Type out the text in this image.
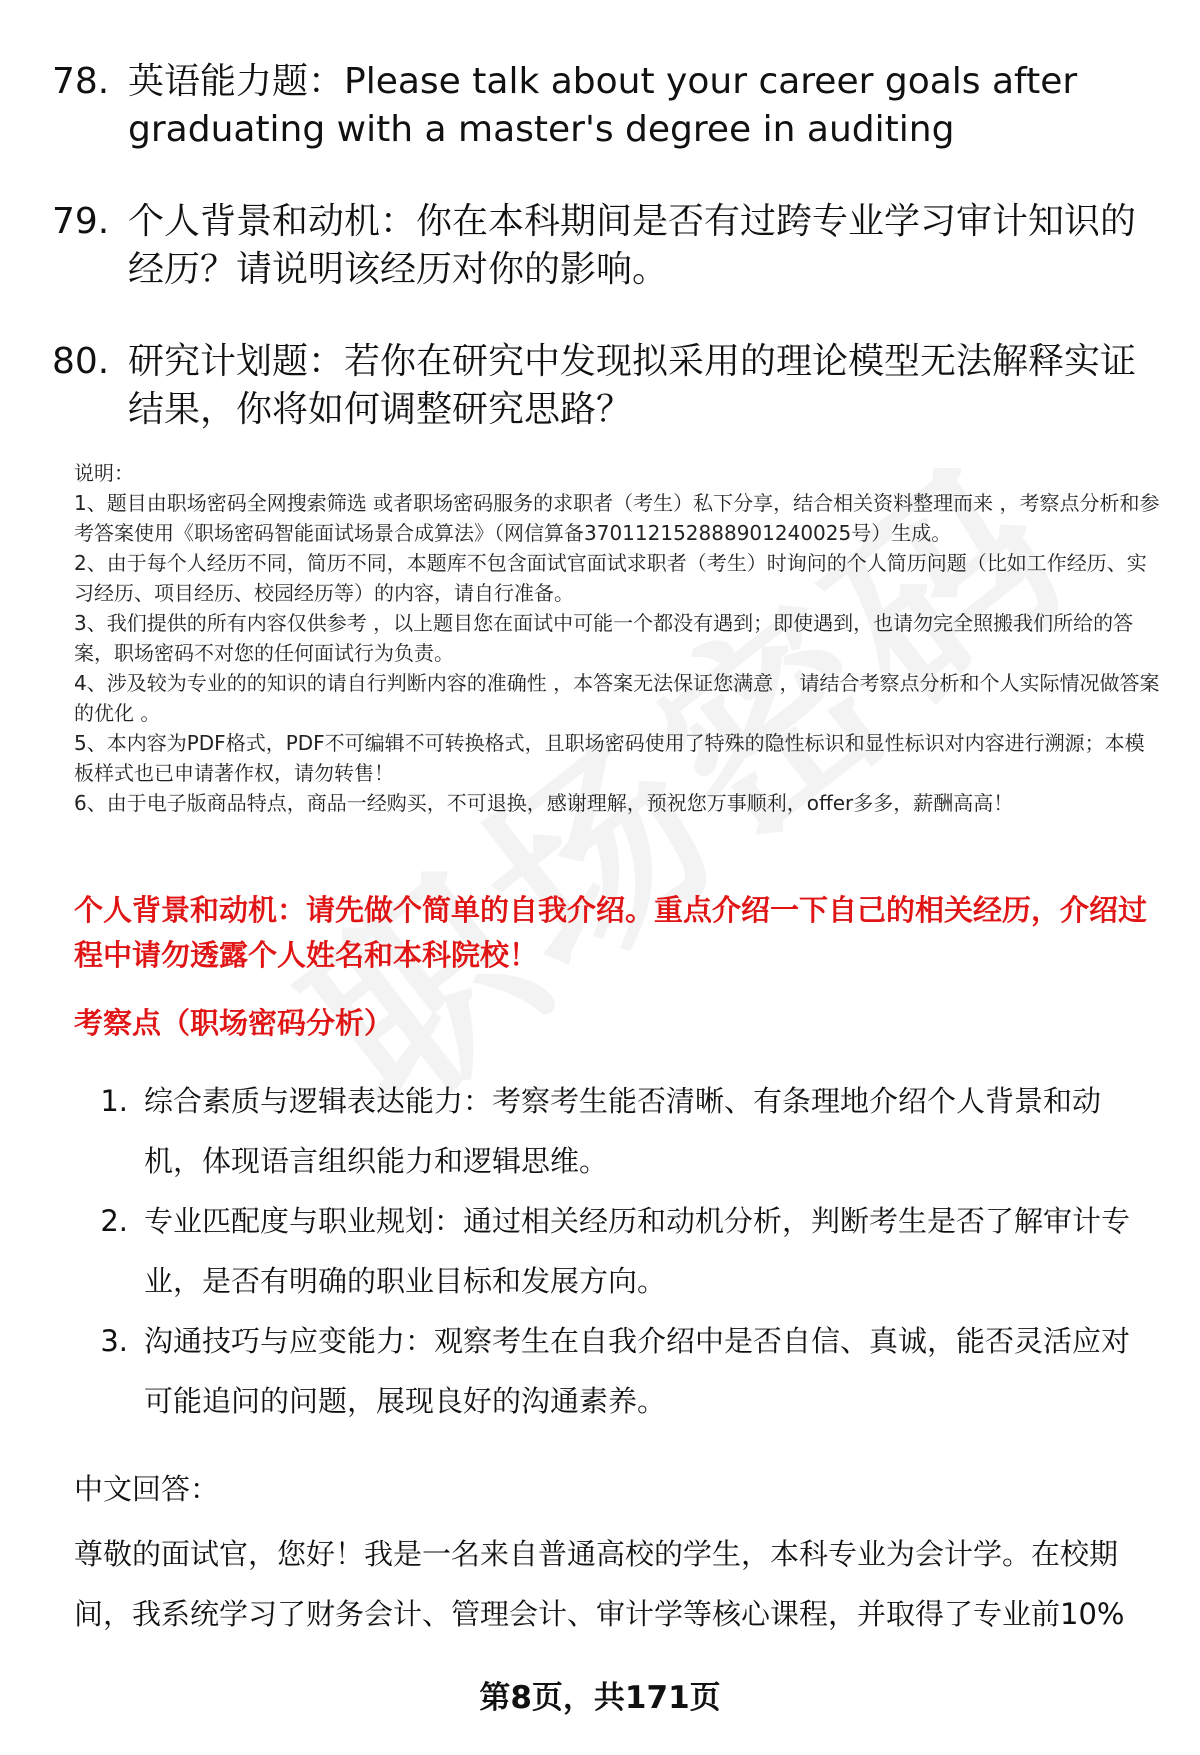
78. 英语能力题：Please talk about your career goals after graduating with a master's degree in auditing
79. 个人背景和动机：你在本科期间是否有过跨专业学习审计知识的经历？请说明该经历对你的影响。
80. 研究计划题：若你在研究中发现拟采用的理论模型无法解释实证结果，你将如何调整研究思路？

说明：

1、题目由职场密码全网搜索筛选 或者职场密码服务的求职者（考生）私下分享，结合相关资料整理而来 ，考察点分析和参考答案使用《职场密码智能面试场景合成算法》（网信算备370112152888901240025号）生成。

2、由于每个人经历不同，简历不同，本题库不包含面试官面试求职者（考生）时询问的个人简历问题（比如工作经历、实习经历、项目经历、校园经历等）的内容，请自行准备。

3、我们提供的所有内容仅供参考 ，以上题目您在面试中可能一个都没有遇到；即使遇到，也请勿完全照搬我们所给的答案，职场密码不对您的任何面试行为负责。

4、涉及较为专业的的知识的请自行判断内容的准确性 ，本答案无法保证您满意 ，请结合考察点分析和个人实际情况做答案的优化 。

5、本内容为PDF格式，PDF不可编辑不可转换格式，且职场密码使用了特殊的隐性标识和显性标识对内容进行溯源；本模板样式也已申请著作权，请勿转售！

6、由于电子版商品特点，商品一经购买，不可退换，感谢理解，预祝您万事顺利，offer多多，薪酬高高！

个人背景和动机：请先做个简单的自我介绍。重点介绍一下自己的相关经历，介绍过程中请勿透露个人姓名和本科院校！
考察点（职场密码分析）
1. 综合素质与逻辑表达能力：考察考生能否清晰、有条理地介绍个人背景和动机，体现语言组织能力和逻辑思维。
2. 专业匹配度与职业规划：通过相关经历和动机分析，判断考生是否了解审计专业，是否有明确的职业目标和发展方向。
3. 沟通技巧与应变能力：观察考生在自我介绍中是否自信、真诚，能否灵活应对可能追问的问题，展现良好的沟通素养。
中文回答：
尊敬的面试官，您好！我是一名来自普通高校的学生，本科专业为会计学。在校期间，我系统学习了财务会计、管理会计、审计学等核心课程，并取得了专业前10%
第8页，共171页
